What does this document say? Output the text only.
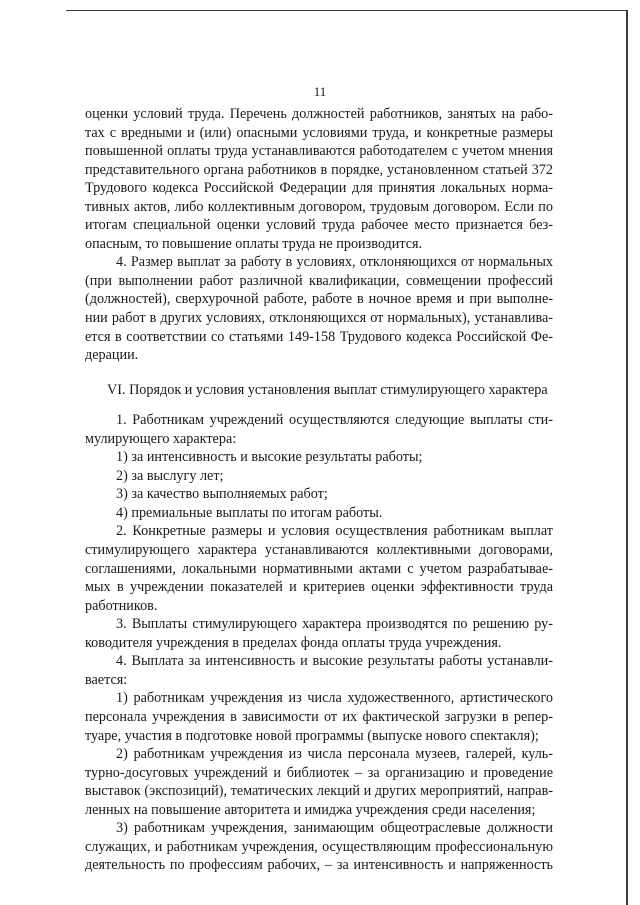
11
оценки условий труда. Перечень должностей работников, занятых на рабо-
тах с вредными и (или) опасными условиями труда, и конкретные размеры
повышенной оплаты труда устанавливаются работодателем с учетом мнения
представительного органа работников в порядке, установленном статьей 372
Трудового кодекса Российской Федерации для принятия локальных норма-
тивных актов, либо коллективным договором, трудовым договором. Если по
итогам специальной оценки условий труда рабочее место признается без-
опасным, то повышение оплаты труда не производится.
4. Размер выплат за работу в условиях, отклоняющихся от нормальных
(при выполнении работ различной квалификации, совмещении профессий
(должностей), сверхурочной работе, работе в ночное время и при выполне-
нии работ в других условиях, отклоняющихся от нормальных), устанавлива-
ется в соответствии со статьями 149-158 Трудового кодекса Российской Фе-
дерации.
VI. Порядок и условия установления выплат стимулирующего характера
1. Работникам учреждений осуществляются следующие выплаты сти-
мулирующего характера:
1) за интенсивность и высокие результаты работы;
2) за выслугу лет;
3) за качество выполняемых работ;
4) премиальные выплаты по итогам работы.
2. Конкретные размеры и условия осуществления работникам выплат
стимулирующего характера устанавливаются коллективными договорами,
соглашениями, локальными нормативными актами с учетом разрабатывае-
мых в учреждении показателей и критериев оценки эффективности труда
работников.
3. Выплаты стимулирующего характера производятся по решению ру-
ководителя учреждения в пределах фонда оплаты труда учреждения.
4. Выплата за интенсивность и высокие результаты работы устанавли-
вается:
1) работникам учреждения из числа художественного, артистического
персонала учреждения в зависимости от их фактической загрузки в репер-
туаре, участия в подготовке новой программы (выпуске нового спектакля);
2) работникам учреждения из числа персонала музеев, галерей, куль-
турно-досуговых учреждений и библиотек – за организацию и проведение
выставок (экспозиций), тематических лекций и других мероприятий, направ-
ленных на повышение авторитета и имиджа учреждения среди населения;
3) работникам учреждения, занимающим общеотраслевые должности
служащих, и работникам учреждения, осуществляющим профессиональную
деятельность по профессиям рабочих, – за интенсивность и напряженность
